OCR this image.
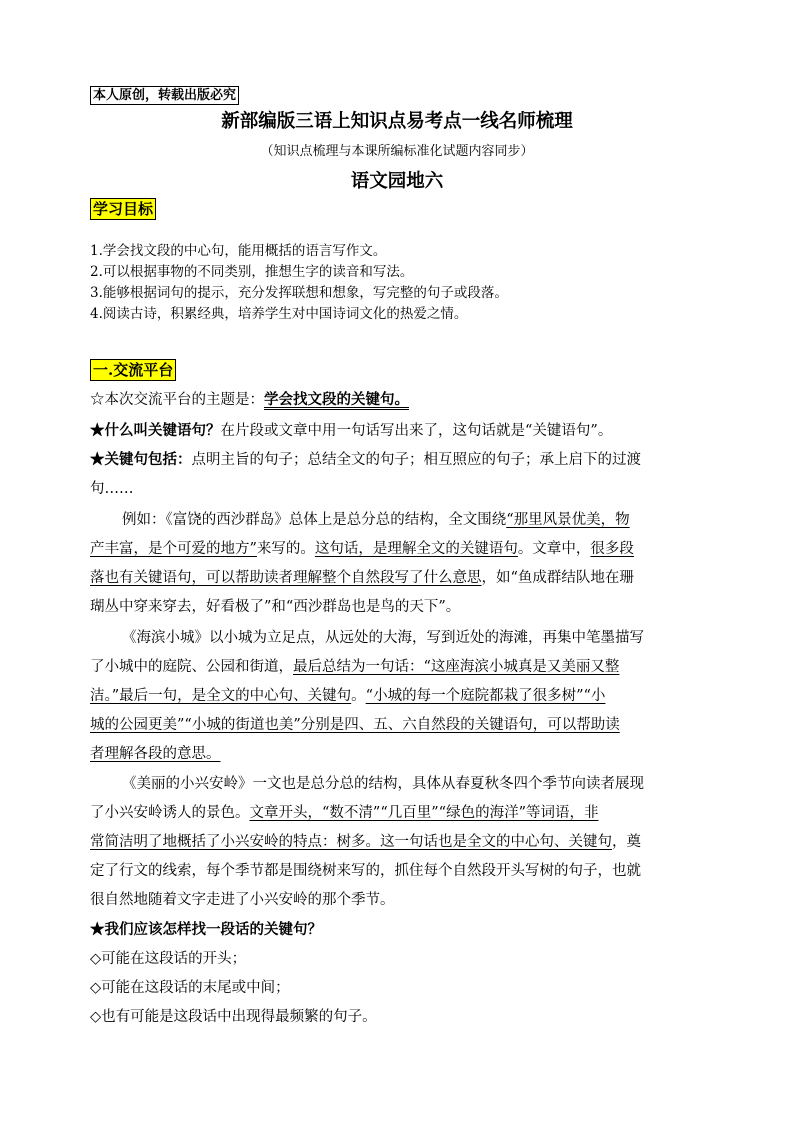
本人原创，转载出版必究
新部编版三语上知识点易考点一线名师梳理
（知识点梳理与本课所编标准化试题内容同步）
语文园地六
学习目标
1.学会找文段的中心句，能用概括的语言写作文。
2.可以根据事物的不同类别，推想生字的读音和写法。
3.能够根据词句的提示，充分发挥联想和想象，写完整的句子或段落。
4.阅读古诗，积累经典，培养学生对中国诗词文化的热爱之情。
一.交流平台
☆本次交流平台的主题是：学会找文段的关键句。
★什么叫关键语句？在片段或文章中用一句话写出来了，这句话就是“关键语句”。
★关键句包括：点明主旨的句子；总结全文的句子；相互照应的句子；承上启下的过渡
句……
例如：《富饶的西沙群岛》总体上是总分总的结构，全文围绕“那里风景优美，物
产丰富，是个可爱的地方”来写的。这句话，是理解全文的关键语句。文章中，很多段
落也有关键语句，可以帮助读者理解整个自然段写了什么意思，如“鱼成群结队地在珊
瑚丛中穿来穿去，好看极了”和“西沙群岛也是鸟的天下”。
《海滨小城》以小城为立足点，从远处的大海，写到近处的海滩，再集中笔墨描写
了小城中的庭院、公园和街道，最后总结为一句话：“这座海滨小城真是又美丽又整
洁。”最后一句，是全文的中心句、关键句。“小城的每一个庭院都栽了很多树”“小
城的公园更美”“小城的街道也美”分别是四、五、六自然段的关键语句，可以帮助读
者理解各段的意思。
《美丽的小兴安岭》一文也是总分总的结构，具体从春夏秋冬四个季节向读者展现
了小兴安岭诱人的景色。文章开头，“数不清”“几百里”“绿色的海洋”等词语，非
常简洁明了地概括了小兴安岭的特点：树多。这一句话也是全文的中心句、关键句，奠
定了行文的线索，每个季节都是围绕树来写的，抓住每个自然段开头写树的句子，也就
很自然地随着文字走进了小兴安岭的那个季节。
★我们应该怎样找一段话的关键句？
◇可能在这段话的开头；
◇可能在这段话的末尾或中间；
◇也有可能是这段话中出现得最频繁的句子。
